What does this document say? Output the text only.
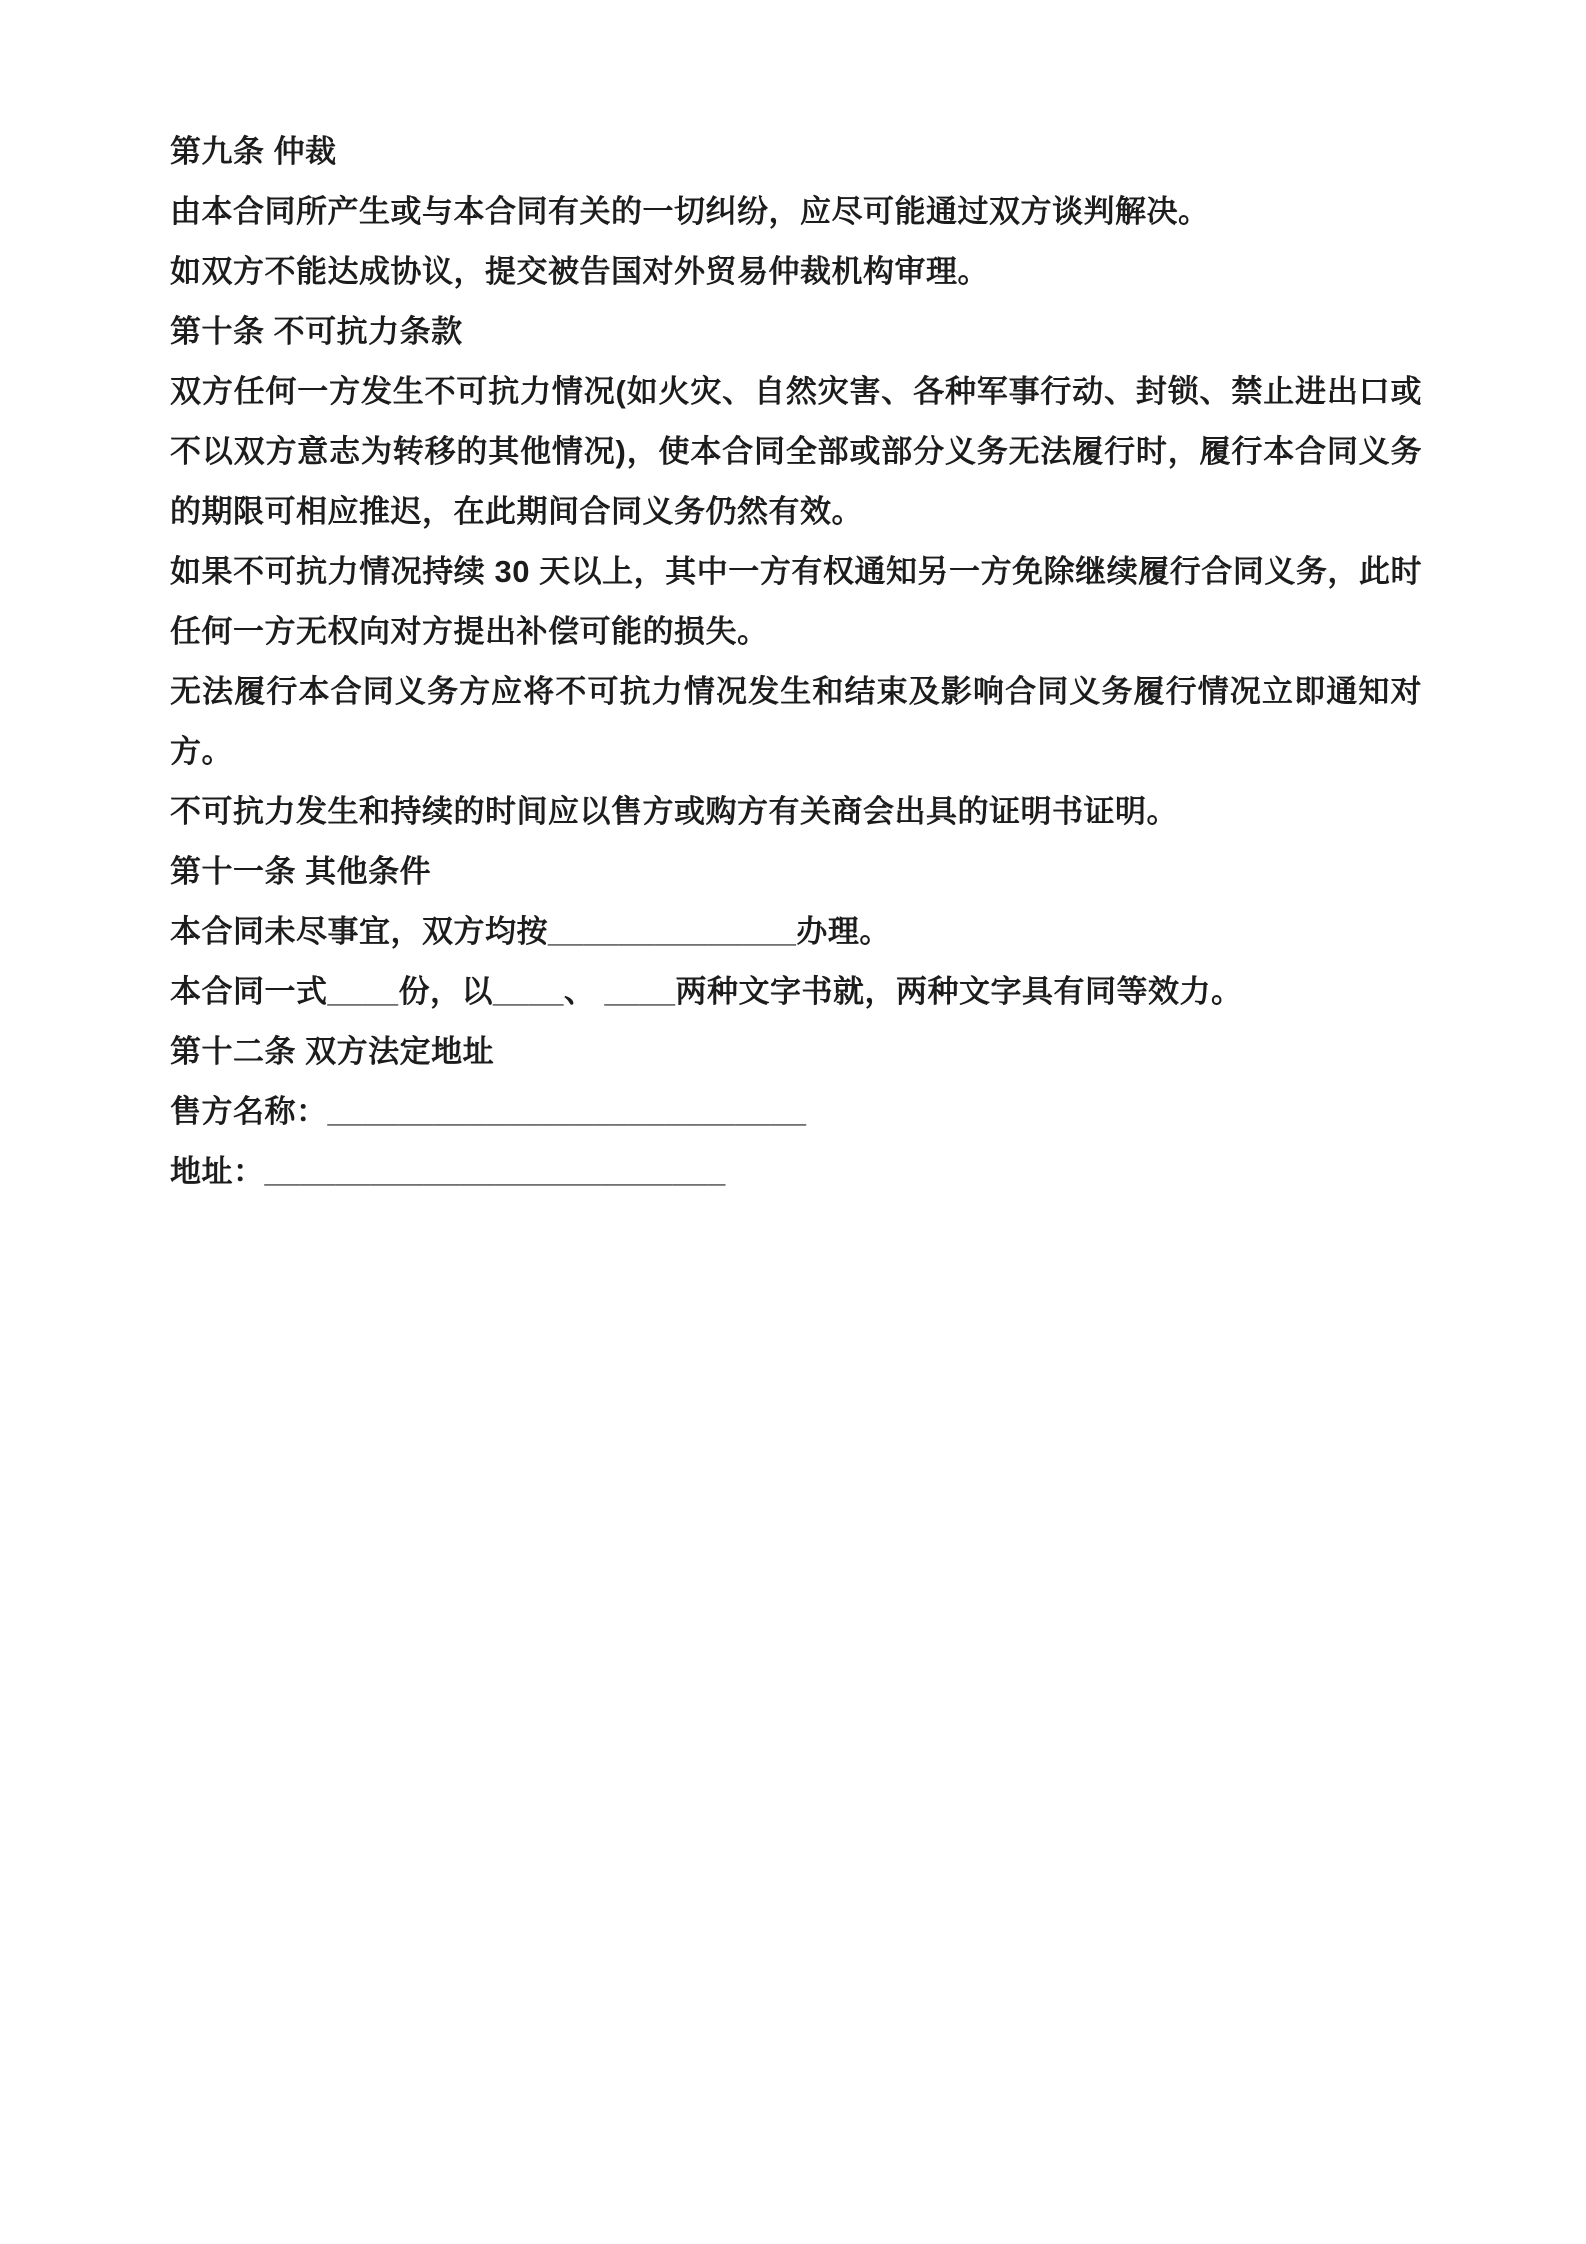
第九条 仲裁

由本合同所产生或与本合同有关的一切纠纷，应尽可能通过双方谈判解决。

如双方不能达成协议，提交被告国对外贸易仲裁机构审理。

第十条 不可抗力条款

双方任何一方发生不可抗力情况(如火灾、自然灾害、各种军事行动、封锁、禁止进出口或不以双方意志为转移的其他情况)，使本合同全部或部分义务无法履行时，履行本合同义务的期限可相应推迟，在此期间合同义务仍然有效。

如果不可抗力情况持续 30 天以上，其中一方有权通知另一方免除继续履行合同义务，此时任何一方无权向对方提出补偿可能的损失。

无法履行本合同义务方应将不可抗力情况发生和结束及影响合同义务履行情况立即通知对方。

不可抗力发生和持续的时间应以售方或购方有关商会出具的证明书证明。

第十一条 其他条件

本合同未尽事宜，双方均按______________办理。

本合同一式____份，以____、 ____两种文字书就，两种文字具有同等效力。

第十二条 双方法定地址

售方名称：___________________________

地址：__________________________
